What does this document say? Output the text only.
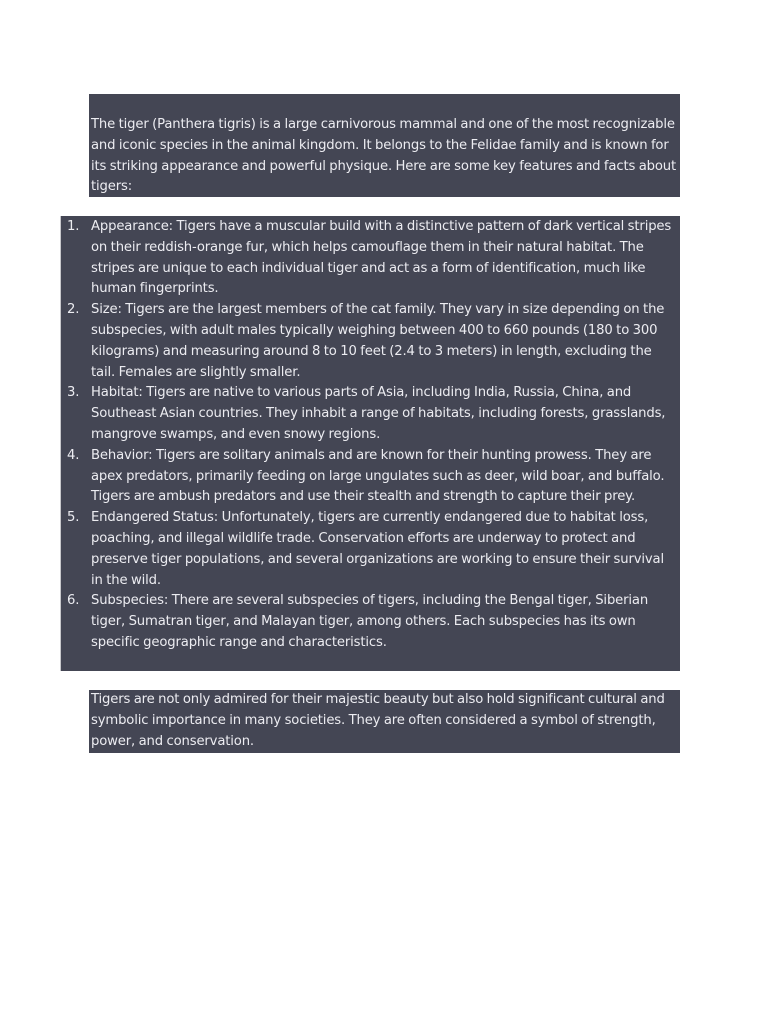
The tiger (Panthera tigris) is a large carnivorous mammal and one of the most recognizable and iconic species in the animal kingdom. It belongs to the Felidae family and is known for its striking appearance and powerful physique. Here are some key features and facts about tigers:

1. Appearance: Tigers have a muscular build with a distinctive pattern of dark vertical stripes on their reddish-orange fur, which helps camouflage them in their natural habitat. The stripes are unique to each individual tiger and act as a form of identification, much like human fingerprints.
2. Size: Tigers are the largest members of the cat family. They vary in size depending on the subspecies, with adult males typically weighing between 400 to 660 pounds (180 to 300 kilograms) and measuring around 8 to 10 feet (2.4 to 3 meters) in length, excluding the tail. Females are slightly smaller.
3. Habitat: Tigers are native to various parts of Asia, including India, Russia, China, and Southeast Asian countries. They inhabit a range of habitats, including forests, grasslands, mangrove swamps, and even snowy regions.
4. Behavior: Tigers are solitary animals and are known for their hunting prowess. They are apex predators, primarily feeding on large ungulates such as deer, wild boar, and buffalo. Tigers are ambush predators and use their stealth and strength to capture their prey.
5. Endangered Status: Unfortunately, tigers are currently endangered due to habitat loss, poaching, and illegal wildlife trade. Conservation efforts are underway to protect and preserve tiger populations, and several organizations are working to ensure their survival in the wild.
6. Subspecies: There are several subspecies of tigers, including the Bengal tiger, Siberian tiger, Sumatran tiger, and Malayan tiger, among others. Each subspecies has its own specific geographic range and characteristics.

Tigers are not only admired for their majestic beauty but also hold significant cultural and symbolic importance in many societies. They are often considered a symbol of strength, power, and conservation.
